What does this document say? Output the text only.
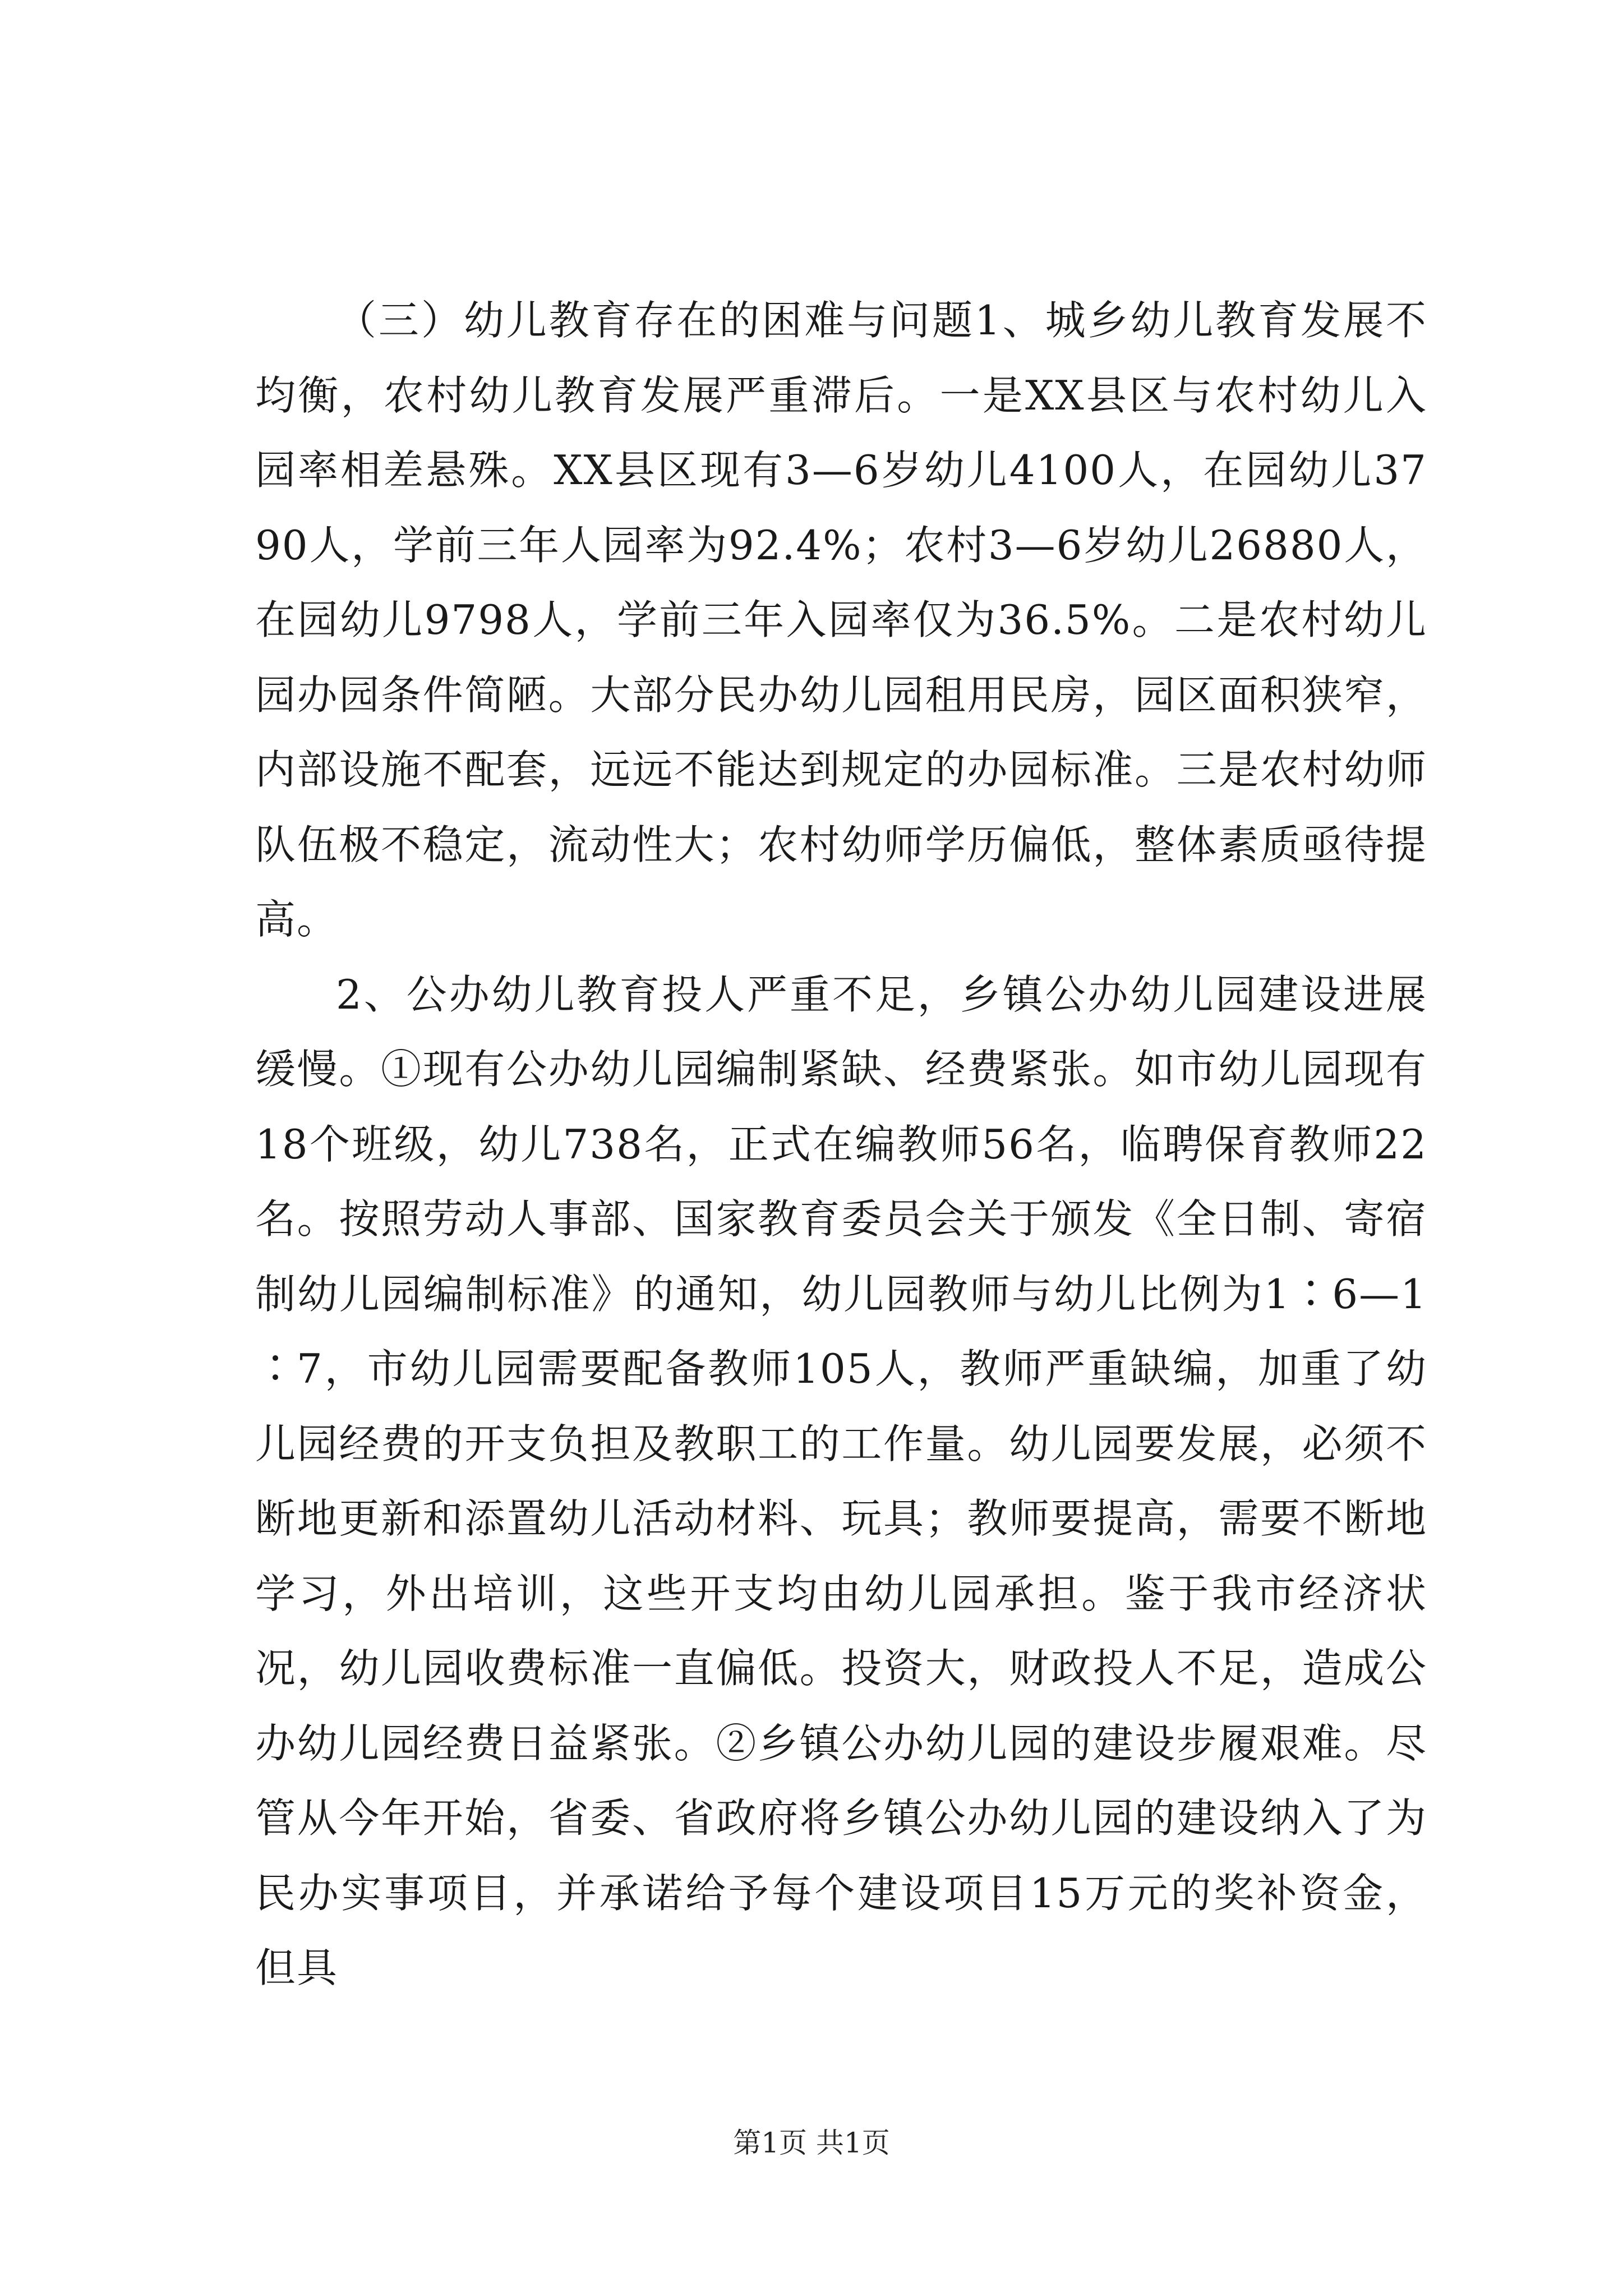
（三）幼儿教育存在的困难与问题1、城乡幼儿教育发展不均衡，农村幼儿教育发展严重滞后。一是XX县区与农村幼儿入园率相差悬殊。XX县区现有3—6岁幼儿4100人，在园幼儿3790人，学前三年人园率为92.4%；农村3—6岁幼儿26880人，在园幼儿9798人，学前三年入园率仅为36.5%。二是农村幼儿园办园条件简陋。大部分民办幼儿园租用民房，园区面积狭窄，内部设施不配套，远远不能达到规定的办园标准。三是农村幼师队伍极不稳定，流动性大；农村幼师学历偏低，整体素质亟待提高。

2、公办幼儿教育投人严重不足，乡镇公办幼儿园建设进展缓慢。①现有公办幼儿园编制紧缺、经费紧张。如市幼儿园现有18个班级，幼儿738名，正式在编教师56名，临聘保育教师22名。按照劳动人事部、国家教育委员会关于颁发《全日制、寄宿制幼儿园编制标准》的通知，幼儿园教师与幼儿比例为1∶6—1∶7，市幼儿园需要配备教师105人，教师严重缺编，加重了幼儿园经费的开支负担及教职工的工作量。幼儿园要发展，必须不断地更新和添置幼儿活动材料、玩具；教师要提高，需要不断地学习，外出培训，这些开支均由幼儿园承担。鉴于我市经济状况，幼儿园收费标准一直偏低。投资大，财政投人不足，造成公办幼儿园经费日益紧张。②乡镇公办幼儿园的建设步履艰难。尽管从今年开始，省委、省政府将乡镇公办幼儿园的建设纳入了为民办实事项目，并承诺给予每个建设项目15万元的奖补资金，但具

第1页 共1页
